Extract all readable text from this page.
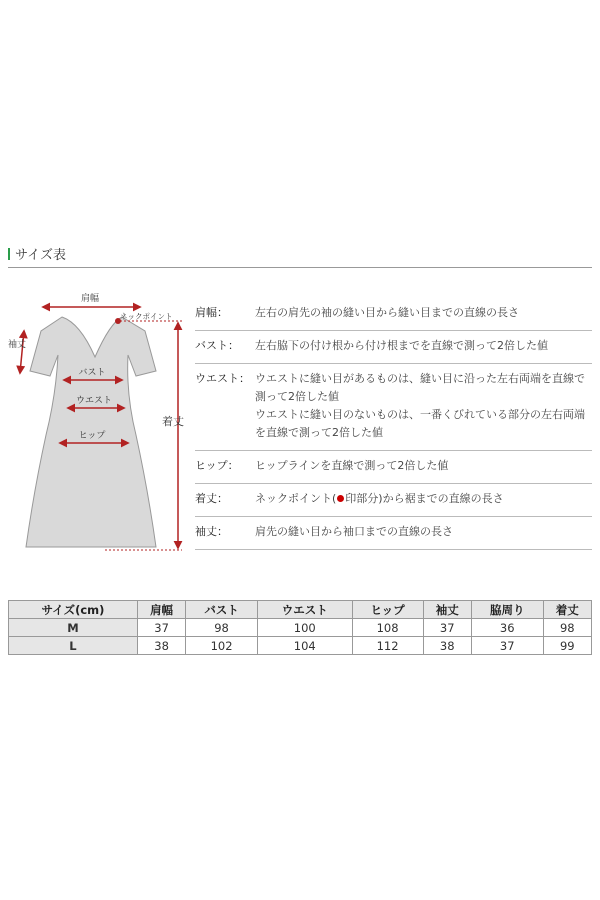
サイズ表
肩幅
ネックポイント
袖丈
バスト
ウエスト
ヒップ
着丈
肩幅：	左右の肩先の袖の縫い目から縫い目までの直線の長さ
バスト：	左右脇下の付け根から付け根までを直線で測って2倍した値
ウエスト： ウエストに縫い目があるものは、縫い目に沿った左右両端を直線で
測って2倍した値
ウエストに縫い目のないものは、一番くびれている部分の左右両端
を直線で測って2倍した値
ヒップ：	ヒップラインを直線で測って2倍した値
着丈：	ネックポイント( 印部分)から裾までの直線の長さ
袖丈：	肩先の縫い目から袖口までの直線の長さ
サイズ(cm)	肩幅	バスト	ウエスト	ヒップ	袖丈	脇周り	着丈
M	37	98	100	108	37	36	98
L	38	102	104	112	38	37	99
